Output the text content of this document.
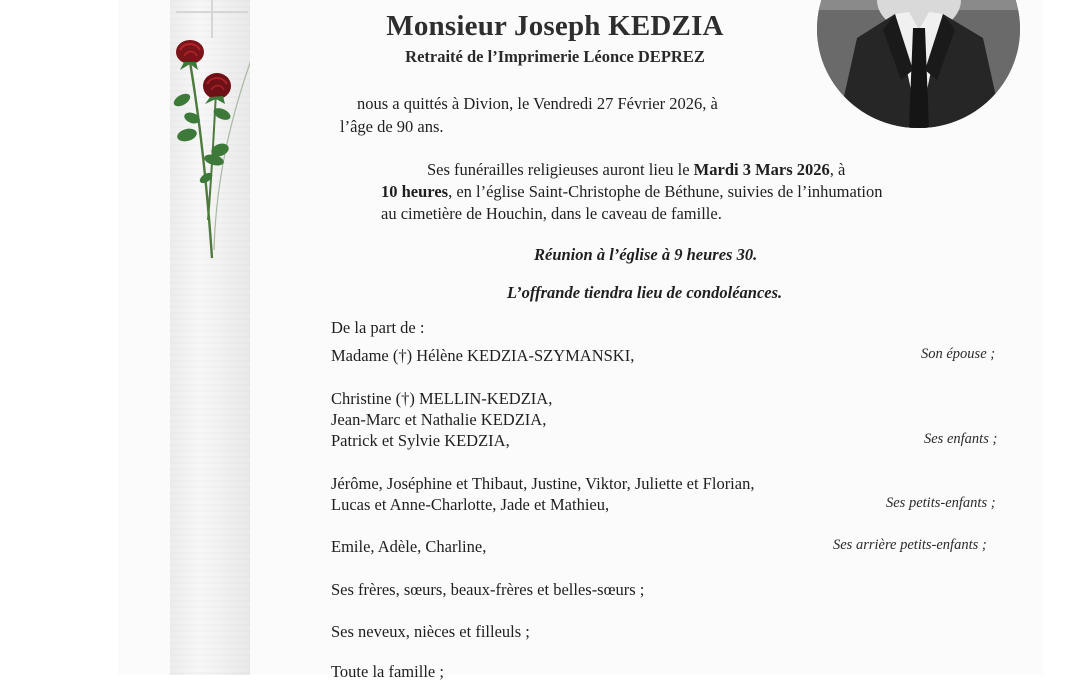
Monsieur Joseph KEDZIA
Retraité de l’Imprimerie Léonce DEPREZ
nous a quittés à Divion, le Vendredi 27 Février 2026, à
l’âge de 90 ans.
Ses funérailles religieuses auront lieu le Mardi 3 Mars 2026, à
10 heures, en l’église Saint-Christophe de Béthune, suivies de l’inhumation
au cimetière de Houchin, dans le caveau de famille.
Réunion à l’église à 9 heures 30.
L’offrande tiendra lieu de condoléances.
De la part de :
Madame (†) Hélène KEDZIA-SZYMANSKI,	Son épouse ;
Christine (†) MELLIN-KEDZIA,
Jean-Marc et Nathalie KEDZIA,
Patrick et Sylvie KEDZIA,	Ses enfants ;
Jérôme, Joséphine et Thibaut, Justine, Viktor, Juliette et Florian,
Lucas et Anne-Charlotte, Jade et Mathieu,	Ses petits-enfants ;
Emile, Adèle, Charline,	Ses arrière petits-enfants ;
Ses frères, sœurs, beaux-frères et belles-sœurs ;
Ses neveux, nièces et filleuls ;
Toute la famille ;
